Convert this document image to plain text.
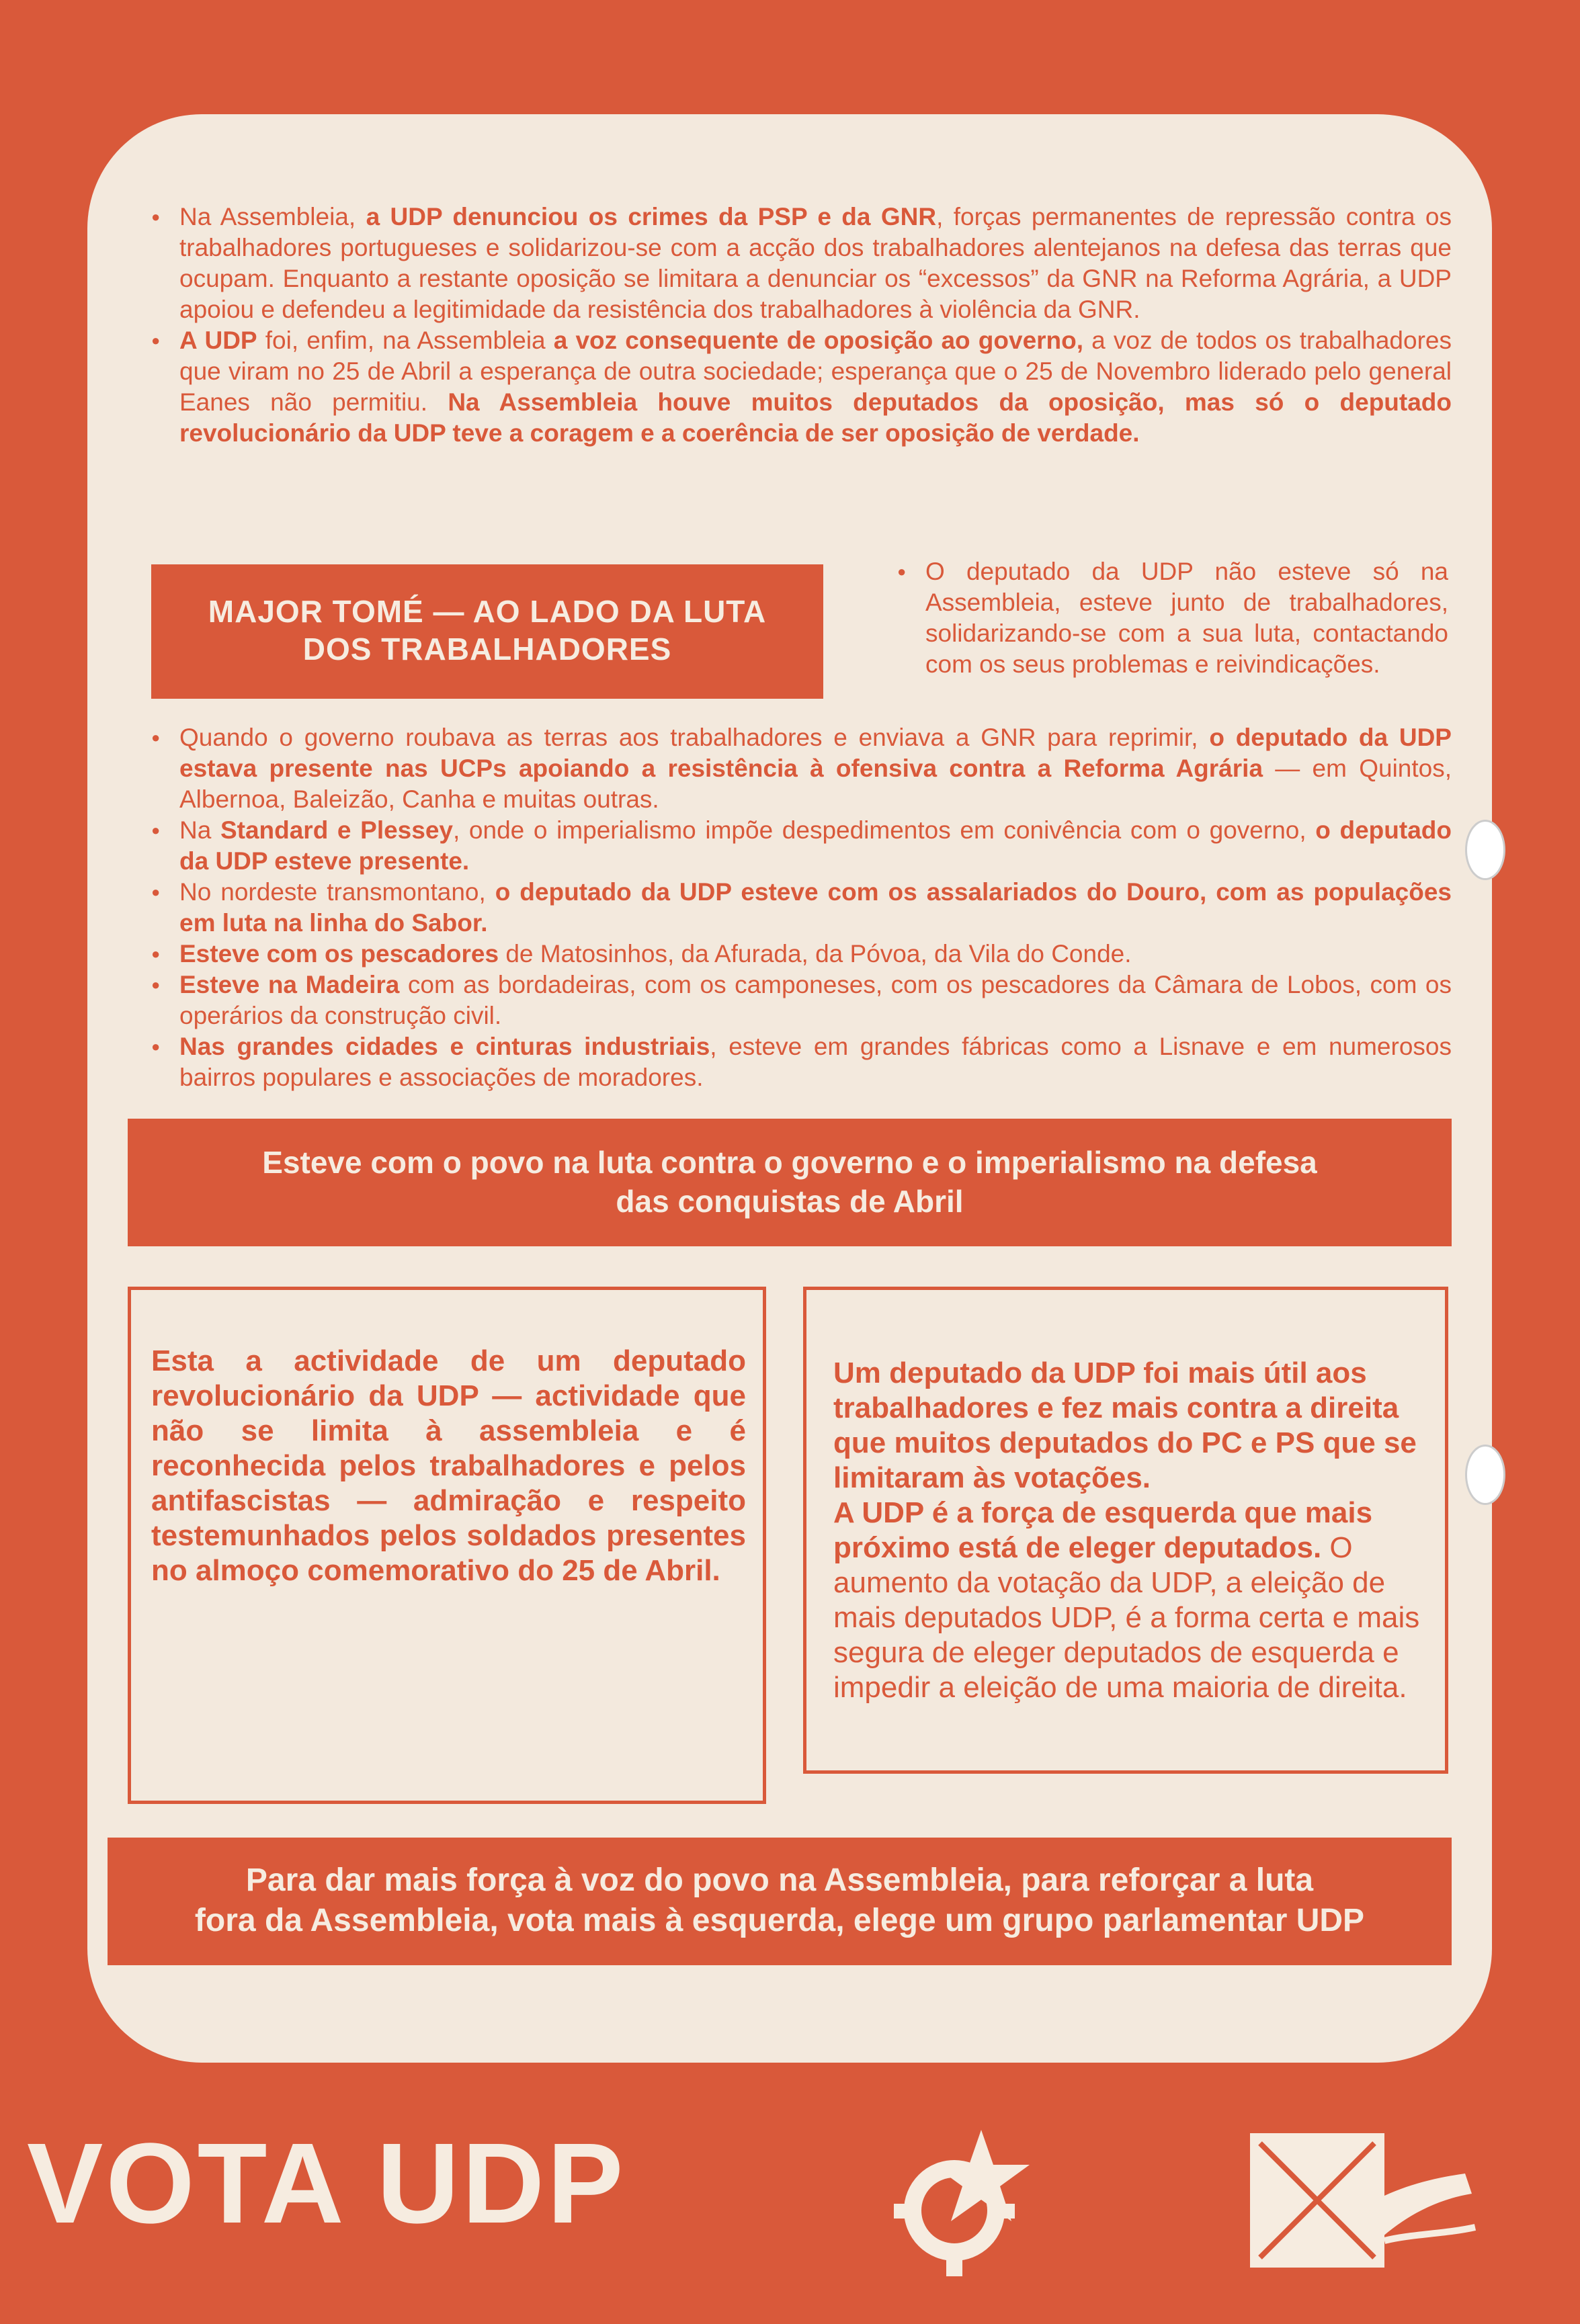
● Na Assembleia, a UDP denunciou os crimes da PSP e da GNR, forças permanentes de repressão contra os trabalhadores portugueses e solidarizou-se com a acção dos trabalhadores alentejanos na defesa das terras que ocupam. Enquanto a restante oposição se limitara a denunciar os “excessos” da GNR na Reforma Agrária, a UDP apoiou e defendeu a legitimidade da resistência dos trabalhadores à violência da GNR.
● A UDP foi, enfim, na Assembleia a voz consequente de oposição ao governo, a voz de todos os trabalhadores que viram no 25 de Abril a esperança de outra sociedade; esperança que o 25 de Novembro liderado pelo general Eanes não permitiu. Na Assembleia houve muitos deputados da oposição, mas só o deputado revolucionário da UDP teve a coragem e a coerência de ser oposição de verdade.
MAJOR TOMÉ — AO LADO DA LUTA
DOS TRABALHADORES
● O deputado da UDP não esteve só na Assembleia, esteve junto de trabalhadores, solidarizando-se com a sua luta, contactando com os seus problemas e reivindicações.
● Quando o governo roubava as terras aos trabalhadores e enviava a GNR para reprimir, o deputado da UDP estava presente nas UCPs apoiando a resistência à ofensiva contra a Reforma Agrária — em Quintos, Albernoa, Baleizão, Canha e muitas outras.
● Na Standard e Plessey, onde o imperialismo impõe despedimentos em conivência com o governo, o deputado da UDP esteve presente.
● No nordeste transmontano, o deputado da UDP esteve com os assalariados do Douro, com as populações em luta na linha do Sabor.
● Esteve com os pescadores de Matosinhos, da Afurada, da Póvoa, da Vila do Conde.
● Esteve na Madeira com as bordadeiras, com os camponeses, com os pescadores da Câmara de Lobos, com os operários da construção civil.
● Nas grandes cidades e cinturas industriais, esteve em grandes fábricas como a Lisnave e em numerosos bairros populares e associações de moradores.
Esteve com o povo na luta contra o governo e o imperialismo na defesa
das conquistas de Abril
Esta a actividade de um deputado revolucionário da UDP — actividade que não se limita à assembleia e é reconhecida pelos trabalhadores e pelos antifascistas — admiração e respeito testemunhados pelos soldados presentes no almoço comemorativo do 25 de Abril.

Um deputado da UDP foi mais útil aos trabalhadores e fez mais contra a direita que muitos deputados do PC e PS que se limitaram às votações.
A UDP é a força de esquerda que mais próximo está de eleger deputados. O aumento da votação da UDP, a eleição de mais deputados UDP, é a forma certa e mais segura de eleger deputados de esquerda e impedir a eleição de uma maioria de direita.

Para dar mais força à voz do povo na Assembleia, para reforçar a luta
fora da Assembleia, vota mais à esquerda, elege um grupo parlamentar UDP
VOTA UDP
